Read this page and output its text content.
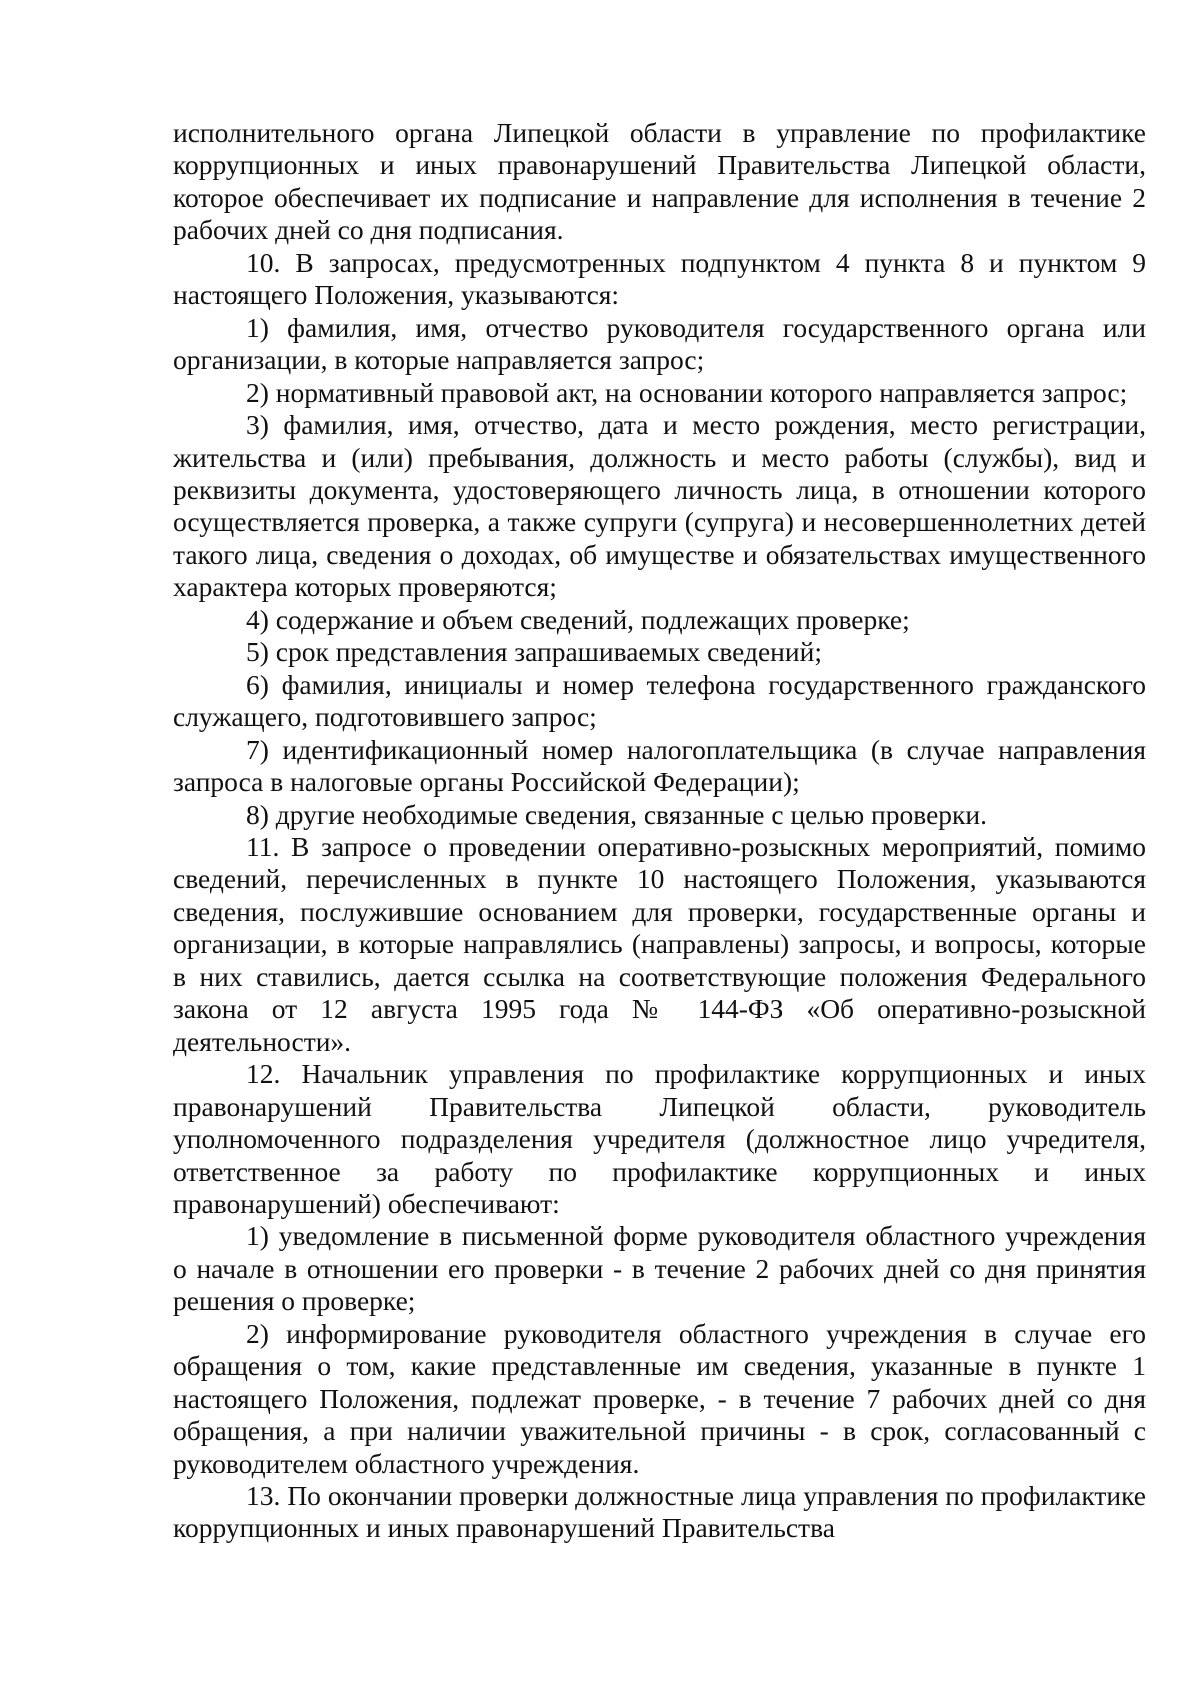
исполнительного органа Липецкой области в управление по профилактике коррупционных и иных правонарушений Правительства Липецкой области, которое обеспечивает их подписание и направление для исполнения в течение 2 рабочих дней со дня подписания.

10. В запросах, предусмотренных подпунктом 4 пункта 8 и пунктом 9 настоящего Положения, указываются:

1) фамилия, имя, отчество руководителя государственного органа или организации, в которые направляется запрос;

2) нормативный правовой акт, на основании которого направляется запрос;

3) фамилия, имя, отчество, дата и место рождения, место регистрации, жительства и (или) пребывания, должность и место работы (службы), вид и реквизиты документа, удостоверяющего личность лица, в отношении которого осуществляется проверка, а также супруги (супруга) и несовершеннолетних детей такого лица, сведения о доходах, об имуществе и обязательствах имущественного характера которых проверяются;

4) содержание и объем сведений, подлежащих проверке;

5) срок представления запрашиваемых сведений;

6) фамилия, инициалы и номер телефона государственного гражданского служащего, подготовившего запрос;

7) идентификационный номер налогоплательщика (в случае направления запроса в налоговые органы Российской Федерации);

8) другие необходимые сведения, связанные с целью проверки.

11. В запросе о проведении оперативно-розыскных мероприятий, помимо сведений, перечисленных в пункте 10 настоящего Положения, указываются сведения, послужившие основанием для проверки, государственные органы и организации, в которые направлялись (направлены) запросы, и вопросы, которые в них ставились, дается ссылка на соответствующие положения Федерального закона от 12 августа 1995 года № 144-ФЗ «Об оперативно-розыскной деятельности».

12. Начальник управления по профилактике коррупционных и иных правонарушений Правительства Липецкой области, руководитель уполномоченного подразделения учредителя (должностное лицо учредителя, ответственное за работу по профилактике коррупционных и иных правонарушений) обеспечивают:

1) уведомление в письменной форме руководителя областного учреждения о начале в отношении его проверки - в течение 2 рабочих дней со дня принятия решения о проверке;

2) информирование руководителя областного учреждения в случае его обращения о том, какие представленные им сведения, указанные в пункте 1 настоящего Положения, подлежат проверке, - в течение 7 рабочих дней со дня обращения, а при наличии уважительной причины - в срок, согласованный с руководителем областного учреждения.

13. По окончании проверки должностные лица управления по профилактике коррупционных и иных правонарушений Правительства
